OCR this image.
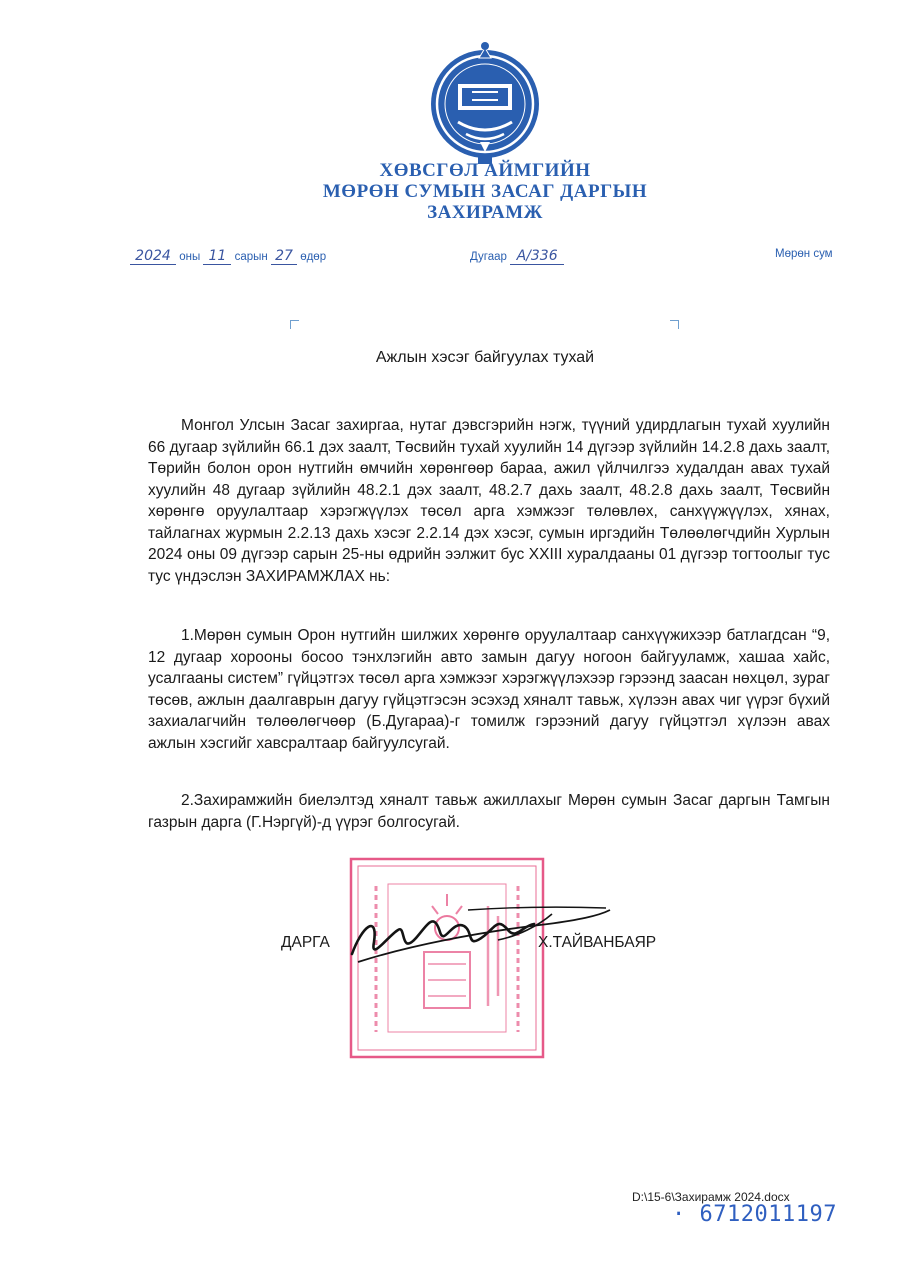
ХӨВСГӨЛ АЙМГИЙН
МӨРӨН СУМЫН ЗАСАГ ДАРГЫН
ЗАХИРАМЖ
2024 оны 11 сарын 27 өдөр	Дугаар А/336	Мөрөн сум
Ажлын хэсэг байгуулах тухай

Монгол Улсын Засаг захиргаа, нутаг дэвсгэрийн нэгж, түүний удирдлагын тухай хуулийн 66 дугаар зүйлийн 66.1 дэх заалт, Төсвийн тухай хуулийн 14 дүгээр зүйлийн 14.2.8 дахь заалт, Төрийн болон орон нутгийн өмчийн хөрөнгөөр бараа, ажил үйлчилгээ худалдан авах тухай хуулийн 48 дугаар зүйлийн 48.2.1 дэх заалт, 48.2.7 дахь заалт, 48.2.8 дахь заалт, Төсвийн хөрөнгө оруулалтаар хэрэгжүүлэх төсөл арга хэмжээг төлөвлөх, санхүүжүүлэх, хянах, тайлагнах журмын 2.2.13 дахь хэсэг 2.2.14 дэх хэсэг, сумын иргэдийн Төлөөлөгчдийн Хурлын 2024 оны 09 дүгээр сарын 25-ны өдрийн ээлжит бус XXIII хуралдааны 01 дүгээр тогтоолыг тус тус үндэслэн ЗАХИРАМЖЛАХ нь:

1.Мөрөн сумын Орон нутгийн шилжих хөрөнгө оруулалтаар санхүүжихээр батлагдсан “9, 12 дугаар хорооны босоо тэнхлэгийн авто замын дагуу ногоон байгууламж, хашаа хайс, усалгааны систем” гүйцэтгэх төсөл арга хэмжээг хэрэгжүүлэхээр гэрээнд заасан нөхцөл, зураг төсөв, ажлын даалгаврын дагуу гүйцэтгэсэн эсэхэд хяналт тавьж, хүлээн авах чиг үүрэг бүхий захиалагчийн төлөөлөгчөөр (Б.Дугараа)-г томилж гэрээний дагуу гүйцэтгэл хүлээн авах ажлын хэсгийг хавсралтаар байгуулсугай.

2.Захирамжийн биелэлтэд хяналт тавьж ажиллахыг Мөрөн сумын Засаг даргын Тамгын газрын дарга (Г.Нэргүй)-д үүрэг болгосугай.

ДАРГА	Х.ТАЙВАНБАЯР
D:\15-6\Захирамж 2024.docx
· 6712011197
